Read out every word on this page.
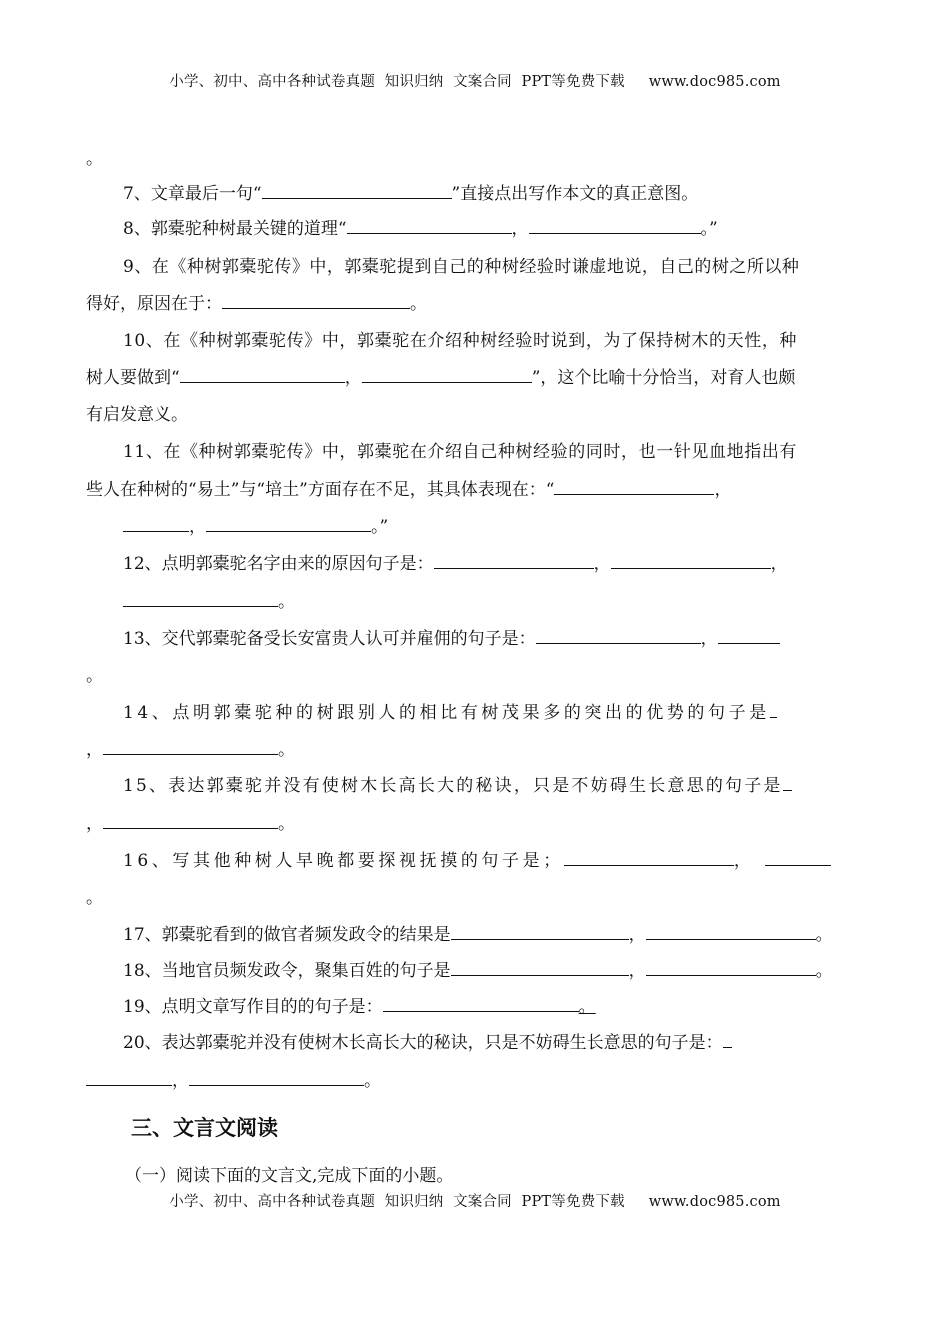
小学、初中、高中各种试卷真题  知识归纳  文案合同  PPT等免费下载 www.doc985.com
。
7、文章最后一句“	”直接点出写作本文的真正意图。
8、郭橐驼种树最关键的道理“	，	。”
9、在《种树郭橐驼传》中，郭橐驼提到自己的种树经验时谦虚地说，自己的树之所以种
得好，原因在于：	。
10、在《种树郭橐驼传》中，郭橐驼在介绍种树经验时说到，为了保持树木的天性，种
树人要做到“	，	”，这个比喻十分恰当，对育人也颇
有启发意义。
11、在《种树郭橐驼传》中，郭橐驼在介绍自己种树经验的同时，也一针见血地指出有
些人在种树的“易土”与“培土”方面存在不足，其具体表现在：“	，
，	。”
12、点明郭橐驼名字由来的原因句子是：	，	，
。
13、交代郭橐驼备受长安富贵人认可并雇佣的句子是：	，
。
14、点明郭橐驼种的树跟别人的相比有树茂果多的突出的优势的句子是
，	。
15、表达郭橐驼并没有使树木长高长大的秘诀，只是不妨碍生长意思的句子是
，	。
16、写其他种树人早晚都要探视抚摸的句子是；	，
。
17、郭橐驼看到的做官者频发政令的结果是	，	。
18、当地官员频发政令，聚集百姓的句子是	，	。
19、点明文章写作目的的句子是：	。
20、表达郭橐驼并没有使树木长高长大的秘诀，只是不妨碍生长意思的句子是：
，	。
三、文言文阅读
（一）阅读下面的文言文,完成下面的小题。
小学、初中、高中各种试卷真题  知识归纳  文案合同  PPT等免费下载 www.doc985.com
